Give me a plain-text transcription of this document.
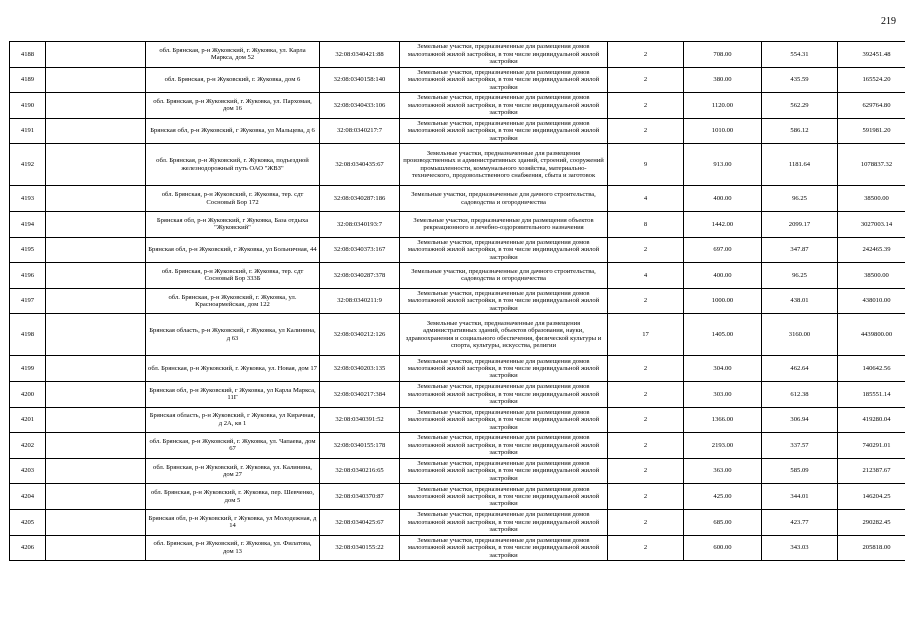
219
4188		обл. Брянская, р-н Жуковский, г. Жуковка, ул. Карла Маркса, дом 52	32:08:0340421:88	Земельные участки, предназначенные для размещения домов малоэтажной жилой застройки, в том числе индивидуальной жилой застройки	2	708.00	554.31	392451.48
4189		обл. Брянская, р-н Жуковский, г. Жуковка, дом 6	32:08:0340158:140	Земельные участки, предназначенные для размещения домов малоэтажной жилой застройки, в том числе индивидуальной жилой застройки	2	380.00	435.59	165524.20
4190		обл. Брянская, р-н Жуковский, г. Жуковка, ул. Пархомая, дом 16	32:08:0340433:106	Земельные участки, предназначенные для размещения домов малоэтажной жилой застройки, в том числе индивидуальной жилой застройки	2	1120.00	562.29	629764.80
4191		Брянская обл, р-н Жуковский, г Жуковка, ул Мальцева, д 6	32:08:0340217:7	Земельные участки, предназначенные для размещения домов малоэтажной жилой застройки, в том числе индивидуальной жилой застройки	2	1010.00	586.12	591981.20
4192		обл. Брянская, р-н Жуковский, г. Жуковка, подъездной железнодорожный путь ОАО "ЖВЗ"	32:08:0340435:67	Земельные участки, предназначенные для размещения производственных и административных зданий, строений, сооружений промышленности, коммунального хозяйства, материально-технического, продовольственного снабжения, сбыта и заготовок	9	913.00	1181.64	1078837.32
4193		обл. Брянская, р-н Жуковский, г. Жуковка, тер. сдт Сосновый Бор 172	32:08:0340287:186	Земельные участки, предназначенные для дачного строительства, садоводства и огородничества	4	400.00	96.25	38500.00
4194		Брянская обл, р-н Жуковский, г Жуковка, База отдыха "Жуковский"	32:08:0340193:7	Земельные участки, предназначенные для размещения объектов рекреационного и лечебно-оздоровительного назначения	8	1442.00	2099.17	3027003.14
4195		Брянская обл, р-н Жуковский, г Жуковка, ул Больничная, 44	32:08:0340373:167	Земельные участки, предназначенные для размещения домов малоэтажной жилой застройки, в том числе индивидуальной жилой застройки	2	697.00	347.87	242465.39
4196		обл. Брянская, р-н Жуковский, г. Жуковка, тер. сдт Сосновый Бор 333Б	32:08:0340287:378	Земельные участки, предназначенные для дачного строительства, садоводства и огородничества	4	400.00	96.25	38500.00
4197		обл. Брянская, р-н Жуковский, г. Жуковка, ул. Красноармейская, дом 122	32:08:0340211:9	Земельные участки, предназначенные для размещения домов малоэтажной жилой застройки, в том числе индивидуальной жилой застройки	2	1000.00	438.01	438010.00
4198		Брянская область, р-н Жуковский, г Жуковка, ул Калинина, д 63	32:08:0340212:126	Земельные участки, предназначенные для размещения административных зданий, объектов образования, науки, здравоохранения и социального обеспечения, физической культуры и спорта, культуры, искусства, религии	17	1405.00	3160.00	4439800.00
4199		обл. Брянская, р-н Жуковский, г. Жуковка, ул. Новая, дом 17	32:08:0340203:135	Земельные участки, предназначенные для размещения домов малоэтажной жилой застройки, в том числе индивидуальной жилой застройки	2	304.00	462.64	140642.56
4200		Брянская обл, р-н Жуковский, г Жуковка, ул Карла Маркса, 11Г	32:08:0340217:384	Земельные участки, предназначенные для размещения домов малоэтажной жилой застройки, в том числе индивидуальной жилой застройки	2	303.00	612.38	185551.14
4201		Брянская область, р-н Жуковский, г Жуковка, ул Кирачная, д 2А, кв 1	32:08:0340391:52	Земельные участки, предназначенные для размещения домов малоэтажной жилой застройки, в том числе индивидуальной жилой застройки	2	1366.00	306.94	419280.04
4202		обл. Брянская, р-н Жуковский, г. Жуковка, ул. Чапаева, дом 67	32:08:0340155:178	Земельные участки, предназначенные для размещения домов малоэтажной жилой застройки, в том числе индивидуальной жилой застройки	2	2193.00	337.57	740291.01
4203		обл. Брянская, р-н Жуковский, г. Жуковка, ул. Калинина, дом 27	32:08:0340216:65	Земельные участки, предназначенные для размещения домов малоэтажной жилой застройки, в том числе индивидуальной жилой застройки	2	363.00	585.09	212387.67
4204		обл. Брянская, р-н Жуковский, г. Жуковка, пер. Шевченко, дом 5	32:08:0340370:87	Земельные участки, предназначенные для размещения домов малоэтажной жилой застройки, в том числе индивидуальной жилой застройки	2	425.00	344.01	146204.25
4205		Брянская обл, р-н Жуковский, г Жуковка, ул Молодежная, д 14	32:08:0340425:67	Земельные участки, предназначенные для размещения домов малоэтажной жилой застройки, в том числе индивидуальной жилой застройки	2	685.00	423.77	290282.45
4206		обл. Брянская, р-н Жуковский, г. Жуковка, ул. Филатова, дом 13	32:08:0340155:22	Земельные участки, предназначенные для размещения домов малоэтажной жилой застройки, в том числе индивидуальной жилой застройки	2	600.00	343.03	205818.00
